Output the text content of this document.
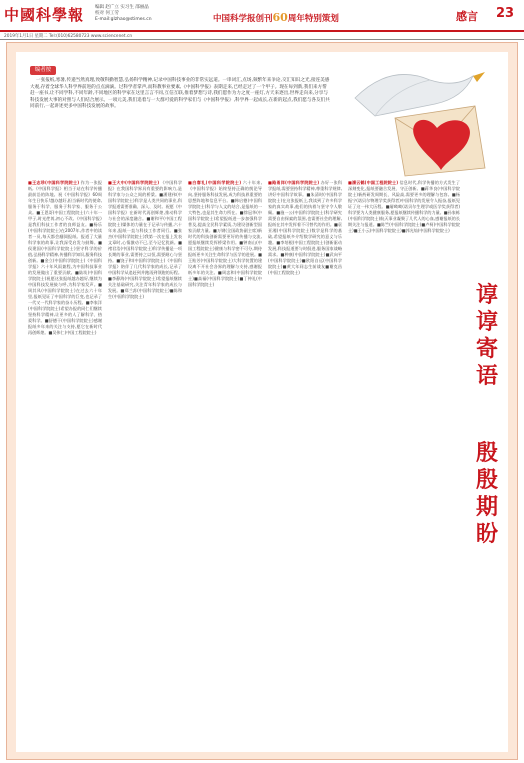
中國科學報 编辑 赵广立 实习生 邵丽晶
校对 何工劳
E-mail:glzhao@stimes.cn	中国科学报创刊60周年特别策划	感言 23
2019年1月1日 星期二 Tel:(010)62580723 www.sciencenet.cn
编者按
一张报纸,寒暑,传递当然真理,致敬科勤智慧,弘扬科学精神,记录中国科技事业的非常实远道。一串词汇,点场,频繁年来争论,交汇知识之光,接连美感大观,存着全球华人科学界前进的点点滴滴。过科学者掌声,而科教事业要素,《中国科学报》表期走来,已经走过了一个甲子。现在每到新,我们来方帮赶一座书,让不同学科,不同年龄,不同地区的科学家在这里言言不同,互信互联,推着梦想与诗,我们愿作为力之度一座灯,方天来逐出,世界走向来,分享与科技发展大事的对照与人们结合展示。一项元美,我们追着与一大群可爱的科学家们与《中国科学报》,科学界一起成长,在新的起点,我们愿与各友们共同前行,一起讲述更多中国科技发展的故事。
■王志珍(中国科学院院士) 作为一张报纸,《中国科学报》相当于站在科学传播最前沿的阵地。祝《中国科学报》60周年生日快乐!越办越好,担当新时代的使命,服务于科学、服务于科学家、服务于公众。■王恩哥(中国工程院院士)六十年一甲子,时光荏苒,初心不改。《中国科学报》是我们科技工作者的良师益友。■杨乐(中国科学院院士)在2007年,作者中的读者一员,每天都会翻阅报纸。报道了大量科学家的故事,让我深受启发与鼓舞。■侯建国(中国科学院院士)坚守科学的价值,弘扬科学精神,传播科学知识,服务科技创新。■金立(中国科学院院士)《中国科学报》六十年风雨兼程,为中国科技事业的发展做出了重要贡献。■陆埮(中国科学院院士)祝愿这张报纸越办越好,继续为中国科技发展鼓与呼,为科学家发声。■周其凤(中国科学院院士)在过去六十年里,报纸见证了中国科学的巨变,也记录了一代又一代科学家的奋斗历程。■李家洋(中国科学院院士)希望办报的同仁们继续坚持科学精神,让更多的人了解科学、热爱科学。■舒德干(中国科学院院士)感谢报纸多年来的关注与支持,愿它在新时代再创辉煌。■吴伟仁(中国工程院院士)
■王大中(中国科学院院士) 《中国科学报》在我国科学界具有重要的影响力,是科学家与公众之间的桥梁。■潘建伟(中国科学院院士)科学是人类共同的事业,科学报道需要准确、深入、及时。祝愿《中国科学报》在新时代再创辉煌,推动科学与社会的深度融合。■谢和平(中国工程院院士)媒体的力量在于记录与传播,六十年来,报纸一直与科技工作者同行。■张杰(中国科学院院士)我第一次在报上发表文章时,心情激动不已,至今记忆犹新。■褚君浩(中国科学院院士)科学传播是一项长期的事业,需要持之以恒,需要耐心与坚持。■饶子和(中国科学院院士)《中国科学报》陪伴了几代科学家的成长,记录了中国科学从追赶到并跑再到领跑的历程。■李静海(中国科学院院士)希望报纸继续关注基础研究,关注青年科学家的成长与发展。■郑兰荪(中国科学院院士)■陈和生(中国科学院院士)
■白春礼(中国科学院院士) 六十年来,《中国科学报》始终坚持正确的舆论导向,坚持服务科技发展,成为科技界重要的思想阵地和信息平台。■韩启德(中国科学院院士)科学与人文的结合,是报纸的一大特色,也是其生命力所在。■徐冠华(中国科学院院士)希望报纸进一步加强科学普及,提高全民科学素质,为建设创新型国家贡献力量。■万钢(全国政协副主席)新时代的科技创新需要更好的传播与交流,愿报纸继续发挥桥梁作用。■钟南山(中国工程院院士)健康与科学密不可分,期待报纸更多关注生命科学与医学的进展。■王贻芳(中国科学院院士)大科学装置的建设离不开社会各界的理解与支持,感谢报纸多年的关注。■周忠和(中国科学院院士)■高福(中国科学院院士)■丁仲礼(中国科学院院士)
■路甬祥(中国科学院院士) 办好一张科学报纸,需要坚持科学精神,尊重科学规律,讲好中国科学故事。■朱清时(中国科学院院士)在这张报纸上,我读到了许多科学家的真实故事,他们的执着与坚守令人敬佩。■施一公(中国科学院院士)科学研究需要自由探索的氛围,也需要社会的理解,报纸在其中发挥着不可替代的作用。■袁亚湘(中国科学院院士)数学是科学的基础,希望报纸多介绍数学研究的意义与乐趣。■李培根(中国工程院院士)创新驱动发展,科技报道要与时俱进,服务国家战略需求。■种康(中国科学院院士)■武向平(中国科学院院士)■欧阳自远(中国科学院院士)■黄大年同志生前战友■谢克昌(中国工程院院士)
■潘云鹤(中国工程院院士) 信息时代,科学传播的方式发生了深刻变化,报纸要融合发展、守正创新。■蒋华良(中国科学院院士)新药研发周期长、风险高,需要更多的理解与包容。■杨振宁(诺贝尔物理学奖获得者)中国科学的发展令人振奋,报纸见证了这一伟大历程。■屠呦呦(诺贝尔生理学或医学奖获得者)科学要为人类健康服务,愿报纸继续传播科学的力量。■孙家栋(中国科学院院士)航天事业凝聚了几代人的心血,感谢报纸的长期关注与报道。■陈竺(中国科学院院士)■卢柯(中国科学院院士)■王小云(中国科学院院士)■郭光灿(中国科学院院士)
谆谆寄语
殷殷期盼
